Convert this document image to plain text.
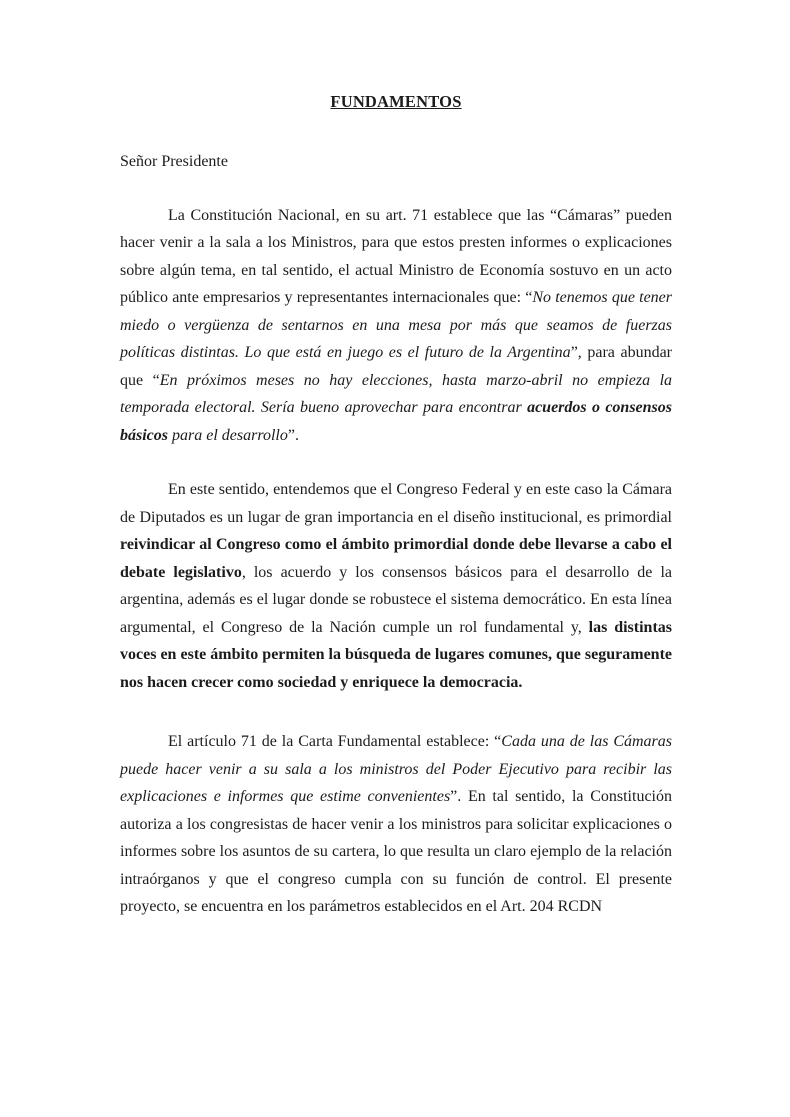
FUNDAMENTOS

Señor Presidente

La Constitución Nacional, en su art. 71 establece que las “Cámaras” pueden hacer venir a la sala a los Ministros, para que estos presten informes o explicaciones sobre algún tema, en tal sentido, el actual Ministro de Economía sostuvo en un acto público ante empresarios y representantes internacionales que: “No tenemos que tener miedo o vergüenza de sentarnos en una mesa por más que seamos de fuerzas políticas distintas. Lo que está en juego es el futuro de la Argentina”, para abundar que “En próximos meses no hay elecciones, hasta marzo-abril no empieza la temporada electoral. Sería bueno aprovechar para encontrar acuerdos o consensos básicos para el desarrollo”.

En este sentido, entendemos que el Congreso Federal y en este caso la Cámara de Diputados es un lugar de gran importancia en el diseño institucional, es primordial reivindicar al Congreso como el ámbito primordial donde debe llevarse a cabo el debate legislativo, los acuerdo y los consensos básicos para el desarrollo de la argentina, además es el lugar donde se robustece el sistema democrático. En esta línea argumental, el Congreso de la Nación cumple un rol fundamental y, las distintas voces en este ámbito permiten la búsqueda de lugares comunes, que seguramente nos hacen crecer como sociedad y enriquece la democracia.

El artículo 71 de la Carta Fundamental establece: “Cada una de las Cámaras puede hacer venir a su sala a los ministros del Poder Ejecutivo para recibir las explicaciones e informes que estime convenientes”. En tal sentido, la Constitución autoriza a los congresistas de hacer venir a los ministros para solicitar explicaciones o informes sobre los asuntos de su cartera, lo que resulta un claro ejemplo de la relación intraórganos y que el congreso cumpla con su función de control. El presente proyecto, se encuentra en los parámetros establecidos en el Art. 204 RCDN
